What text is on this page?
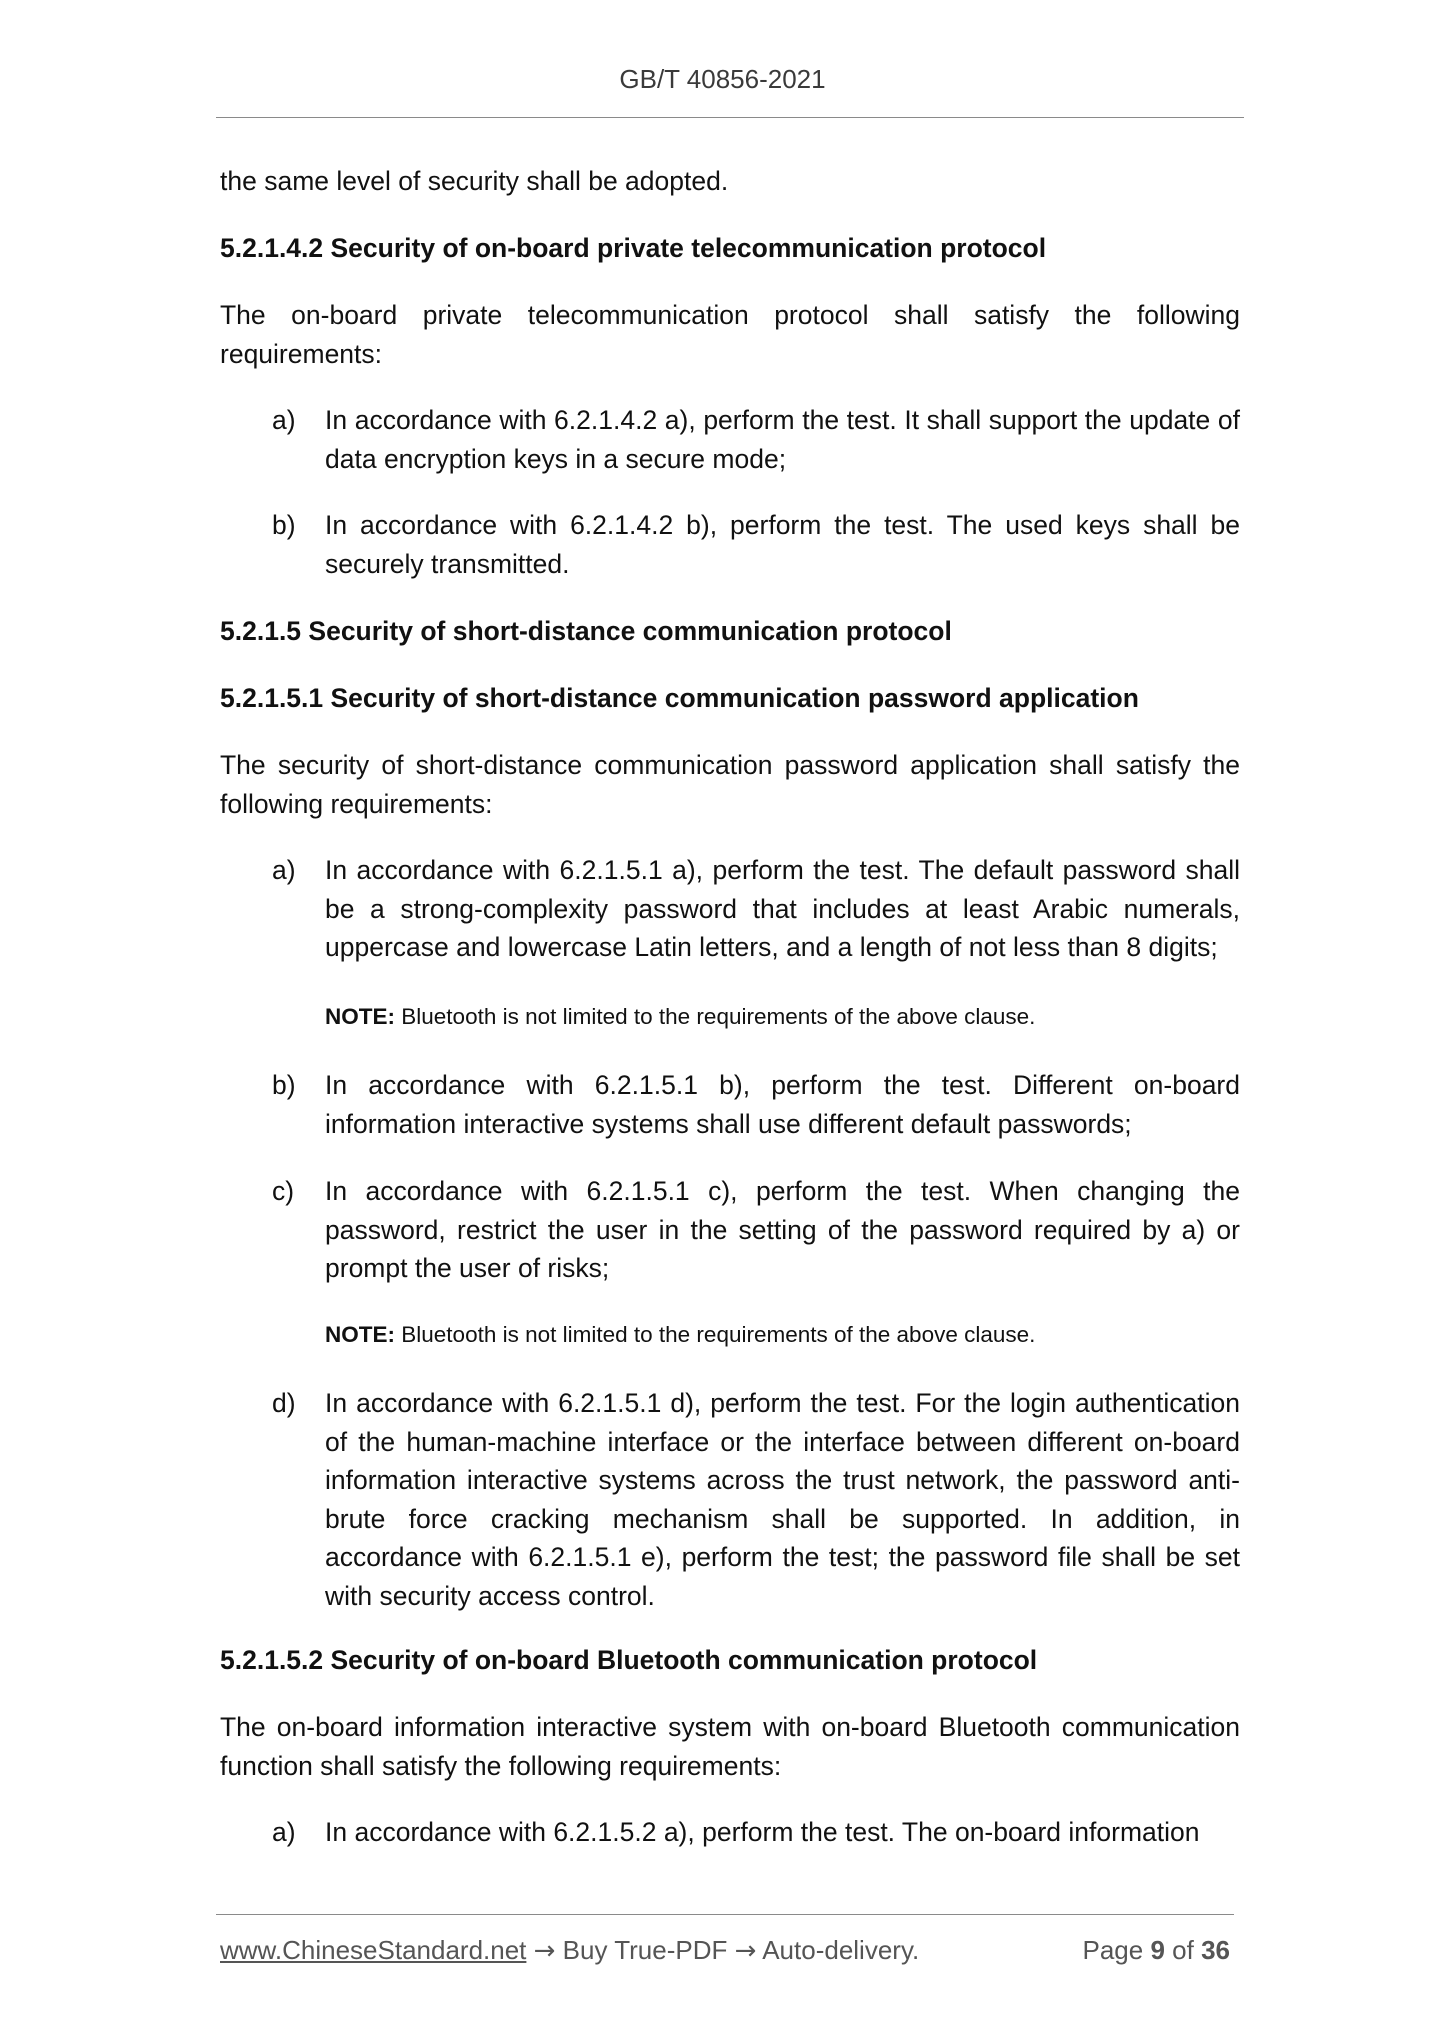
GB/T 40856-2021
the same level of security shall be adopted.
5.2.1.4.2 Security of on-board private telecommunication protocol
The on-board private telecommunication protocol shall satisfy the following requirements:
a) In accordance with 6.2.1.4.2 a), perform the test. It shall support the update of data encryption keys in a secure mode;
b) In accordance with 6.2.1.4.2 b), perform the test. The used keys shall be securely transmitted.
5.2.1.5 Security of short-distance communication protocol
5.2.1.5.1 Security of short-distance communication password application
The security of short-distance communication password application shall satisfy the following requirements:
a) In accordance with 6.2.1.5.1 a), perform the test. The default password shall be a strong-complexity password that includes at least Arabic numerals, uppercase and lowercase Latin letters, and a length of not less than 8 digits;
NOTE: Bluetooth is not limited to the requirements of the above clause.
b) In accordance with 6.2.1.5.1 b), perform the test. Different on-board information interactive systems shall use different default passwords;
c) In accordance with 6.2.1.5.1 c), perform the test. When changing the password, restrict the user in the setting of the password required by a) or prompt the user of risks;
NOTE: Bluetooth is not limited to the requirements of the above clause.
d) In accordance with 6.2.1.5.1 d), perform the test. For the login authentication of the human-machine interface or the interface between different on-board information interactive systems across the trust network, the password anti-brute force cracking mechanism shall be supported. In addition, in accordance with 6.2.1.5.1 e), perform the test; the password file shall be set with security access control.
5.2.1.5.2 Security of on-board Bluetooth communication protocol
The on-board information interactive system with on-board Bluetooth communication function shall satisfy the following requirements:
a) In accordance with 6.2.1.5.2 a), perform the test. The on-board information
www.ChineseStandard.net → Buy True-PDF → Auto-delivery.	Page 9 of 36
